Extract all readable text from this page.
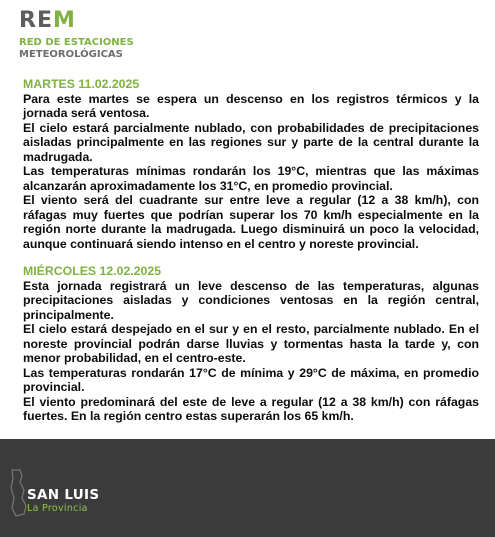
REM
RED DE ESTACIONES
METEOROLÓGICAS
MARTES 11.02.2025
Para este martes se espera un descenso en los registros térmicos y la jornada será ventosa.
El cielo estará parcialmente nublado, con probabilidades de precipitaciones aisladas principalmente en las regiones sur y parte de la central durante la madrugada.
Las temperaturas mínimas rondarán los 19°C, mientras que las máximas alcanzarán aproximadamente los 31°C, en promedio provincial.
El viento será del cuadrante sur entre leve a regular (12 a 38 km/h), con ráfagas muy fuertes que podrían superar los 70 km/h especialmente en la región norte durante la madrugada. Luego disminuirá un poco la velocidad, aunque continuará siendo intenso en el centro y noreste provincial.
MIÉRCOLES 12.02.2025
Esta jornada registrará un leve descenso de las temperaturas, algunas precipitaciones aisladas y condiciones ventosas en la región central, principalmente.
El cielo estará despejado en el sur y en el resto, parcialmente nublado. En el noreste provincial podrán darse lluvias y tormentas hasta la tarde y, con menor probabilidad, en el centro-este.
Las temperaturas rondarán 17°C de mínima y 29°C de máxima, en promedio provincial.
El viento predominará del este de leve a regular (12 a 38 km/h) con ráfagas fuertes. En la región centro estas superarán los 65 km/h.
SAN LUIS
La Provincia
